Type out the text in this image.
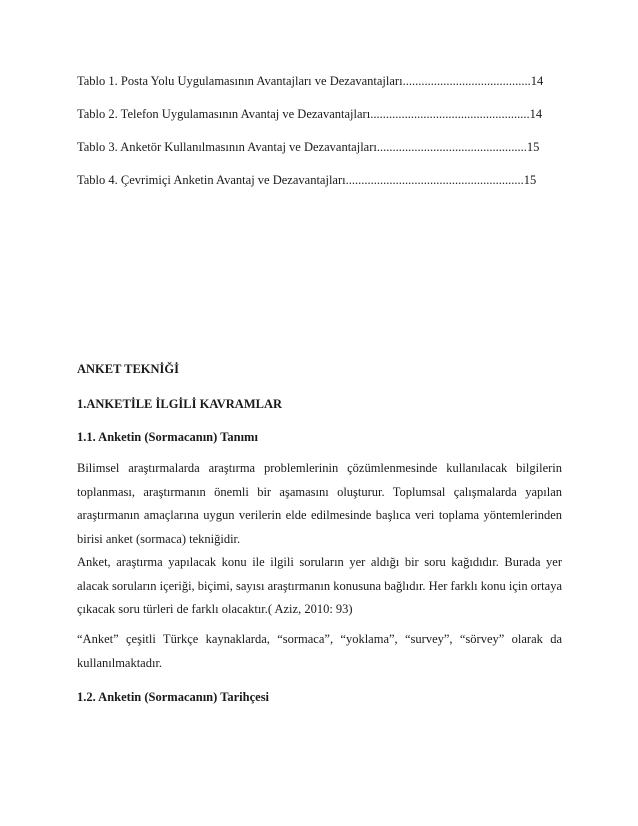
Tablo 1. Posta Yolu Uygulamasının Avantajları ve Dezavantajları.........................................14
Tablo 2. Telefon Uygulamasının Avantaj ve Dezavantajları...................................................14
Tablo 3. Anketör Kullanılmasının Avantaj ve Dezavantajları................................................15
Tablo 4. Çevrimiçi Anketin Avantaj ve Dezavantajları.........................................................15
ANKET TEKNİĞİ
1.ANKETİLE İLGİLİ KAVRAMLAR
1.1. Anketin (Sormacanın) Tanımı

Bilimsel araştırmalarda araştırma problemlerinin çözümlenmesinde kullanılacak bilgilerin toplanması, araştırmanın önemli bir aşamasını oluşturur. Toplumsal çalışmalarda yapılan araştırmanın amaçlarına uygun verilerin elde edilmesinde başlıca veri toplama yöntemlerinden birisi anket (sormaca) tekniğidir.

Anket, araştırma yapılacak konu ile ilgili soruların yer aldığı bir soru kağıdıdır. Burada yer alacak soruların içeriği, biçimi, sayısı araştırmanın konusuna bağlıdır. Her farklı konu için ortaya çıkacak soru türleri de farklı olacaktır.( Aziz, 2010: 93)

“Anket” çeşitli Türkçe kaynaklarda, “sormaca”, “yoklama”, “survey”, “sörvey” olarak da kullanılmaktadır.

1.2. Anketin (Sormacanın) Tarihçesi
